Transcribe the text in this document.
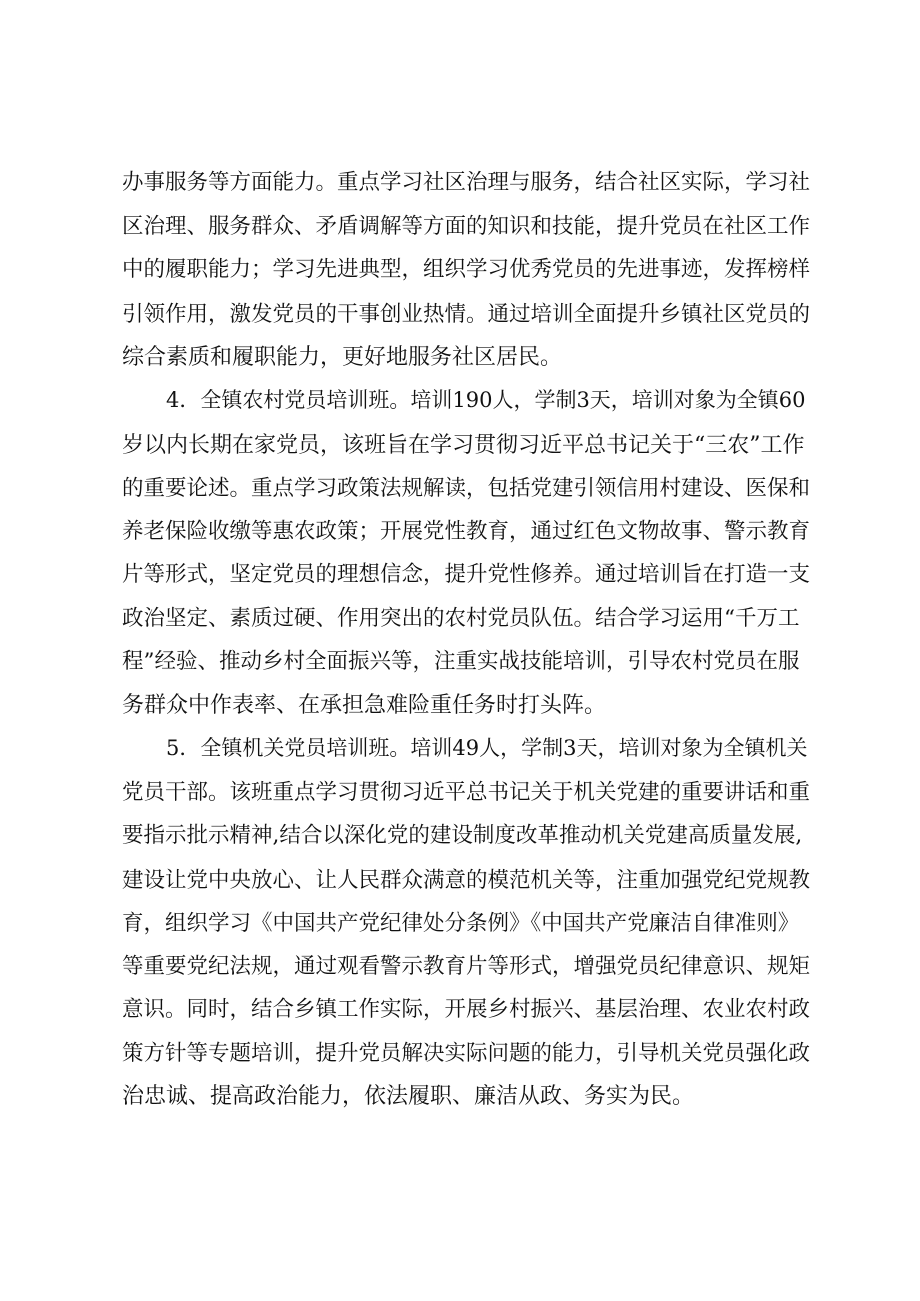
办事服务等方面能力。重点学习社区治理与服务，结合社区实际，学习社
区治理、服务群众、矛盾调解等方面的知识和技能，提升党员在社区工作
中的履职能力；学习先进典型，组织学习优秀党员的先进事迹，发挥榜样
引领作用，激发党员的干事创业热情。通过培训全面提升乡镇社区党员的
综合素质和履职能力，更好地服务社区居民。
4．全镇农村党员培训班。培训190人，学制3天，培训对象为全镇60
岁以内长期在家党员，该班旨在学习贯彻习近平总书记关于“三农”工作
的重要论述。重点学习政策法规解读，包括党建引领信用村建设、医保和
养老保险收缴等惠农政策；开展党性教育，通过红色文物故事、警示教育
片等形式，坚定党员的理想信念，提升党性修养。通过培训旨在打造一支
政治坚定、素质过硬、作用突出的农村党员队伍。结合学习运用“千万工
程”经验、推动乡村全面振兴等，注重实战技能培训，引导农村党员在服
务群众中作表率、在承担急难险重任务时打头阵。
5．全镇机关党员培训班。培训49人，学制3天，培训对象为全镇机关
党员干部。该班重点学习贯彻习近平总书记关于机关党建的重要讲话和重
要指示批示精神,结合以深化党的建设制度改革推动机关党建高质量发展,
建设让党中央放心、让人民群众满意的模范机关等，注重加强党纪党规教
育，组织学习《中国共产党纪律处分条例》《中国共产党廉洁自律准则》
等重要党纪法规，通过观看警示教育片等形式，增强党员纪律意识、规矩
意识。同时，结合乡镇工作实际，开展乡村振兴、基层治理、农业农村政
策方针等专题培训，提升党员解决实际问题的能力，引导机关党员强化政
治忠诚、提高政治能力，依法履职、廉洁从政、务实为民。
